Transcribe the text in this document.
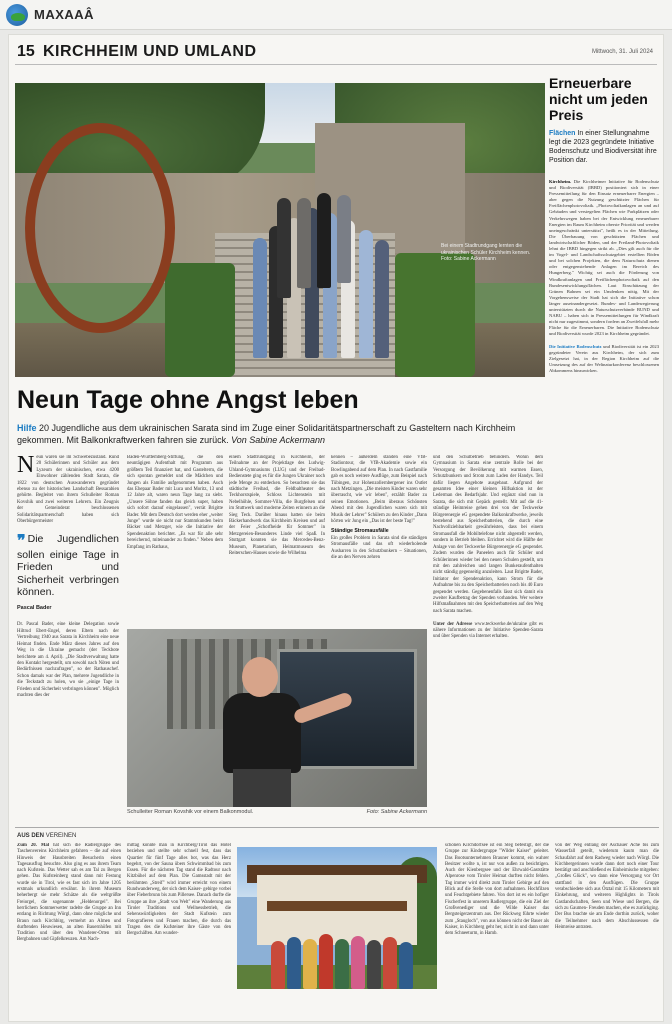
MAXAAÂ
15 KIRCHHEIM UND UMLAND	Mittwoch, 31. Juli 2024
Bei einem Stadtrundgang lernten die ukrainischen Schüler Kirchheim kennen. Foto: Sabine Ackermann
Erneuerbare nicht um jeden Preis
Flächen In einer Stellungnahme legt die 2023 gegründete Initiative Bodenschutz und Biodiversität ihre Position dar.
Kirchheim. Die Kirchheimer Initiative für Bodenschutz und Biodiversität (IBBD) positioniert sich in einer Pressemitteilung für den Einsatz erneuerbarer Energien – aber gegen die Nutzung geschützter Flächen für Freiflächenphotovoltaik. „Photovoltaikanlagen an und auf Gebäuden und versiegelten Flächen wie Parkplätzen oder Verkehrswegen haben bei der Entwicklung erneuerbarer Energien im Raum Kirchheim oberste Priorität und werden uneingeschränkt unterstützt", heißt es in der Mitteilung. Die Überbauung von geschützten Flächen und landwirtschaftlicher Böden, und der Freiland-Photovoltaik lehnt die IBBD hingegen strikt ab. „Dies gilt auch für die im Vogel- und Landschaftsschutzgebiet erstellten Böden und bei solchen Projekten, die dem Naturschutz dienen oder entgegenstehende Anlagen im Bereich des Hungerberg." Wichtig sei auch die Förderung von Windkraftanlagen und Freiflächenphotovoltaik auf den Bundesentwicklungsflächen. Laut Einschätzung der Grünen Bahnen sei ein Umdenken nötig. Mit der Vorgehensweise der Stadt hat sich die Initiative schon länger auseinandergesetzt. Bundes- und Landesregierung unterstützten durch die Naturschutzverbände BUND und NABU – haben sich in Pressemitteilungen für Windkraft nicht nur zugestimmt, sondern fordern an Zweifelsfall mehr Fläche für die Erneuerbaren. Die Initiative Bodenschutz und Biodiversität wurde 2023 in Kirchheim gegründet.

Die Initiative Bodenschutz und Biodiversität ist ein 2023 gegründeter Verein aus Kirchheim, der sich zum Zielgesetzt hat, in der Region Kirchheim auf die Umsetzung des auf der Weltnaturkonferenz beschlossenen Abkommens hinzuwirken.
Neun Tage ohne Angst leben
Hilfe 20 Jugendliche aus dem ukrainischen Sarata sind im Zuge einer Solidaritätspartnerschaft zu Gasteltern nach Kirchheim gekommen. Mit Balkonkraftwerken fahren sie zurück. Von Sabine Ackermann
N eun waren sie im Schwebezustand. Rund 20 Schülerinnen und Schüler aus dem Lyzeum der ukrainischen, etwa 4200 Einwohner zählenden Stadt Sarata, die 1822 von deutschen Auswanderern gegründet ebenso zu der historischen Landschaft Bessarabien gehörte. Begleitet von ihrem Schulleiter Roman Kovshik und zwei weiteren Lehrern. Ein Zeugnis der Gemeinderat beschlossenen Solidaritätspartnerschaft haben sich Oberbürgermeister
❞ Die Jugendlichen sollen einige Tage in Frieden und Sicherheit verbringen können.
Pascal Bader
Dr. Pascal Bader, eine kleine Delegation sowie Hiltrud Ebert-Engel, deren Eltern nach der Vertreibung 1940 aus Sarata in Kirchheim eine neue Heimat finden. Ende März dieses Jahres auf den Weg in die Ukraine gemacht (der Teckbote berichtete am 4. April). „Die Stadtverwaltung hatte den Kontakt hergestellt, um sowohl nach Nöten und Bedürfnissen nachzufragen", so der Rathauschef. Schon damals war der Plan, mehrere Jugendliche in die Teckstadt zu holen, wo sie „einige Tage in Frieden und Sicherheit verbringen können". Möglich machten dies der
Baden-Württemberg-Stiftung, die den neuntägigen Aufenthalt mit Programm aus größtem Teil finanziert hat, und Gastelterm, die sich spontan gemeldet und die Mädchen und Jungen als Familie aufgenommen haben. Auch das Ehepaar Bader mit Luca und Moritz, 13 und 12 Jahre alt, waren neun Tage lang zu siebt. „Unsere Söhne fanden das gleich super, haben sich sofort darauf eingelassen", verrät Brigitte Bader. Mit dem Deutsch dort werden eher „weiter Junge" wurde sie nicht nur Stammkunden beim Bäcker und Metzger, wie die Initiative der Spendenaktion berichtet. „Es war für alle sehr bereichernd, miteinander zu finden." Neben dem Empfang im Rathaus,
einem Stadtrundgang in Kirchheim, der Teilnahme an der Projektlage des Ludwig-Uhland-Gymnasiums (LUG) und der Freibad-Bedienstete ging es für die Jungen Ukrainer noch jede Menge zu entdecken. So besuchten sie das städtische Freibad, die Feldbaltheater des Teckhorstspiele, Schloss Lichtenstein mit Nebelhöhle, Sommer-Villa, die Burgfelsen und im Stuttwerk und moderne Zeiten erinnern an die Sieg Teck. Darüber hinaus hatten sie beim Bäckerhandwerk das Kirchheim Kreisen und auf der Feier „Schorfheide für Sommer" in Metzgereien-Besonderes Linde viel Spaß. In Stuttgart konnten sie das Mercedes-Benz-Museum, Planetarium, Heimatmuseum des Reiterschen-Hauses sowie die Wilhelma
kennen – außerdem standen eine VfB-Stadiontour, die VfB-Akademie sowie ein Bowlingabend auf dem Plan. In nach Gastfamilie gab es noch weitere Ausflüge, zum Beispiel nach Tübingen, zur Hohenzollernbergener ins Outlet nach Metzingen. „Die meisten Kinder waren sehr überrascht, wie wir leben", erzählt Bader zu seinen Emotionen. „Beim überaus Schönsten Abend mit den Jugendlichen waren sich mit Musik der Lehrer" Schülern zu den Kinder „Dann hörten wir Jung ein „Das ist der beste Tag!"
Ständige Stromausfälle
Ein großes Problem in Sarata sind die ständigen Stromausfälle und das oft wiederholende Ausharren in den Schutzbunkern – Situationen, die an den Nerven zehren
und den Schulbetrieb behindern. Wohin dem Gymnasium in Sarata eine zentrale Rolle bei der Versorgung der Bevölkerung mit warmen Essen, Schutzbunkern und Strom zum Laden der Handys. Teil dafür liegen Angebote ausgebaut. Aufgrund der gesamten Idee einer kleinen Hilfsaktion ist der Lederman des Bedarfsjahr. Und ergänzt sind nun in Sarata, die sich mit Gepäck gestellt. Mit auf die 41-stündige Heimreise gehen drei von der Teckwerke Bürgerenergie eG gespendete Balkonkraftwerke, jeweils bestehend aus Speicherbatterien, die durch eine Nachvollziehbarkeit gewährleisten, dass bei einem Stromausfall die Mobiltelefone nicht abgestellt werden, sondern in Betrieb bleiben. Errichtet wird die Hälfte der Anlage von der Teckwerke Bürgerenergie eG gespendet. Zudem wurden die Paneelen auch für Schüler und Schülerinnen wieder bei den neuen Schulen gestellt, um mit den zahlreichen und langen Bunkeraufenthalten nicht ständig gegenseitig anzuleiten. Laut Brigitte Bader, Initiator der Spendenaktion, kann Strom für die Aufnahme bis zu den Speicherbatterien noch bis 40 Euro gespendet werden. Gegebenenfalls lässt sich damit ein zweiter Kaufbetrag der Spenden vorhanden. Wer weitere Hilfsmaßnahmen mit den Speicherbatterien auf den Weg nach Sarata machen.

Unter der Adresse www.teckwerke.de/ukraine gibt es nähere Informationen zu der Initiative Spenden-Sarata und über Spenden via Internet erhalten.
Schulleiter Roman Kovshik vor einem Balkonmodul.	Foto: Sabine Ackermann
AUS DEN VEREINEN
Zum 20. Mal hat sich die Radlergruppe des Taschenvereins Kirchheim gefahren – die auf einen Hinweis der Hausbreiten Besucherin einen Tagesausflug besuchte. Also ging es aus ihrem Team nach Kufstein. Das Wetter sah es am Tal zu Bergen gehen. Das Kufsteinberg stand dann mit Festung wurde sie in Tirol, wie es fast sich im Jahre 1205 erstmals urkundlich erwähnt. In ihrem Museum beherbergt sie mehr Schätze als die weltgrößte Freiorgel, die sogenannte „Heldenorgel". Bei herrlichem Sommerwetter radelte die Gruppe an Inn entlang in Richtung Wörgl, dann ohne mögliche und Braun nach Kirchbirg, vermehrt an Almen und durftenden Heuwiesen, an alten Bauernhöfen mit Tradition und über den Wanderer-Orten mit Bergbahnen und Gipfelkreuzen. Am Nach-
mittag konnte man in Kirchberg/Tirol das Hotel beziehen und stellte sehr schnell fest, dass das Quartier für fünf Tage alles bot, was das Herz begehrt, von der Sauna übers Schwimmbad bis zum Essen. Für die nächsten Tag stand die Radtour nach Kitzbühel auf dem Plan. Die Gamsstadt mit der berühmten „Streif" wird immer erreicht von einem Rundwanderweg, der sich dem Kaiser- gebirge vorbei über Fieberbrunn bis zum Pillersee. Danach durfte die Gruppe an ihre „Stadt von Welt" eine Wanderung aus Tiroler Traditions und Wellnessbetrieb, die Sehenswürdigkeiten der Stadt Kufstein zum Fotografieren und Frauen machen, die durch das Tragen des die Kufsteiner ihre Gäste von den Bergschäften. Am wunder-
schönen Kirchdorfsee ist ein Steg befestigt, der die Gruppe zur Kindergruppe "Wilder Kaiser" geleitet. Das Bootsunternehmen Brauner kommt, ein wahrer Besitzer wollte n, ist nur von außen zu besichtigen. Auch der Kienbergsee und der Ehrwald-Gaststätte Alpenrose vom Tiroler Heimat durften nicht fehlen. Tag immer wird direkt zum Tiroler Gebirge auf den Blick auf die Stelle von dort aufnahmen. Hochfilzen und Feuchtgebiete fahren. Von dort ist es ein hofiger Fischerfest in unserem Radlergruppe, die ein Ziel der Großvenediger und die Wilde Kaiser das Bergsteigerzentrum aus. Der Rückweg führte wieder zum „Staugloch", von aus können nicht der Bauer als Kaiser, in Kirchberg geht her, nicht in und dann unter dem Schneeturm, in Hamb.
von der Weg entlang der Aschauer Ache bis zum Wasserfall geteilt, wiederum kaum man die Schaufahrt auf dem Radweg wieder nach Wörgl. Die Kirchbergerinnen wurde dann dort noch einer Tour bestätigt und anschließend es Einheimische mitgeben: „Großes Glück", wo dann eine Versorgung vor Ort stattfand in den Ausflügen. Die Gruppe verabschiedete sich aus Ötztal mit 15 Kilometern mit Einkehrung, und weiteren Highlights in Tirols Gastlandschaften, Seen und Wiese und Bergen, die sich zu Gaumen- Freuden machen, ehe es zurückging. Der Bus brachte sie am Ende dorthin zurück, woher die Teilnehmer nach dem Abschlussessen die Heimreise antraten.
